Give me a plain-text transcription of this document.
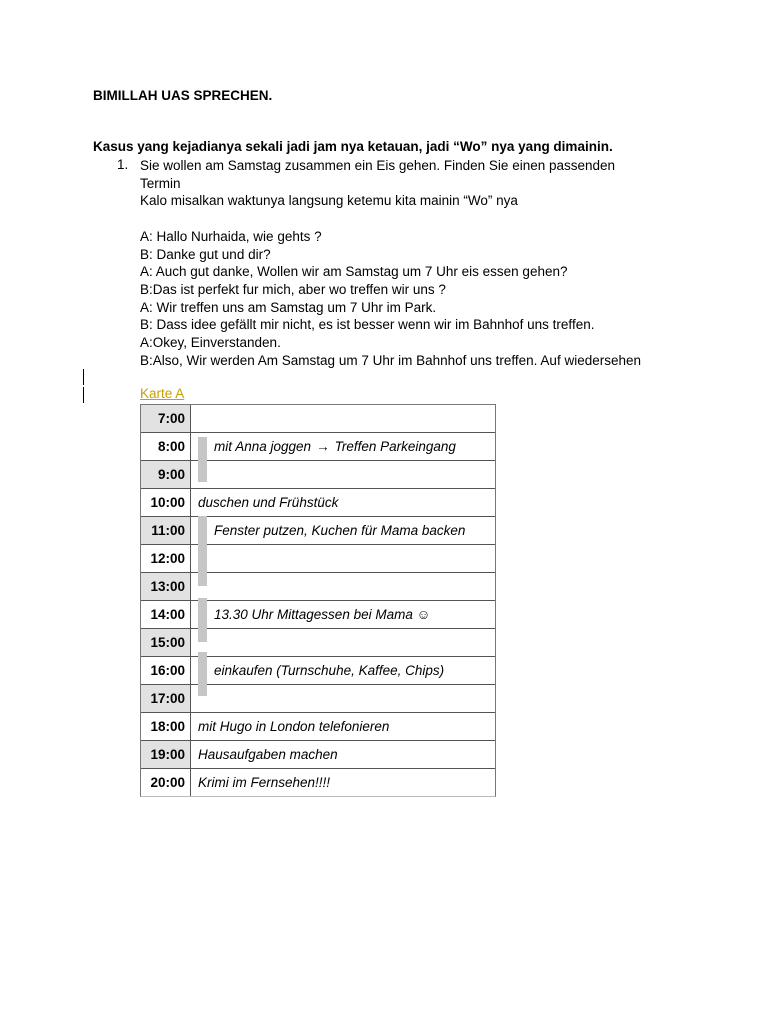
BIMILLAH UAS SPRECHEN.
Kasus yang kejadianya sekali jadi jam nya ketauan, jadi “Wo” nya yang dimainin.
1. Sie wollen am Samstag zusammen ein Eis gehen. Finden Sie einen passenden

Termin

Kalo misalkan waktunya langsung ketemu kita mainin “Wo” nya

A: Hallo Nurhaida, wie gehts ?

B: Danke gut und dir?

A: Auch gut danke, Wollen wir am Samstag um 7 Uhr eis essen gehen?

B:Das ist perfekt fur mich, aber wo treffen wir uns ?

A: Wir treffen uns am Samstag um 7 Uhr im Park.

B: Dass idee gefällt mir nicht, es ist besser wenn wir im Bahnhof uns treffen.

A:Okey, Einverstanden.

B:Also, Wir werden Am Samstag um 7 Uhr im Bahnhof uns treffen. Auf wiedersehen

Karte A
7:00
8:00	mit Anna joggen → Treffen Parkeingang
9:00
10:00 duschen und Frühstück
11:00	Fenster putzen, Kuchen für Mama backen
12:00
13:00
14:00	13.30 Uhr Mittagessen bei Mama ☺
15:00
16:00	einkaufen (Turnschuhe, Kaffee, Chips)
17:00
18:00 mit Hugo in London telefonieren
19:00 Hausaufgaben machen
20:00 Krimi im Fernsehen!!!!
